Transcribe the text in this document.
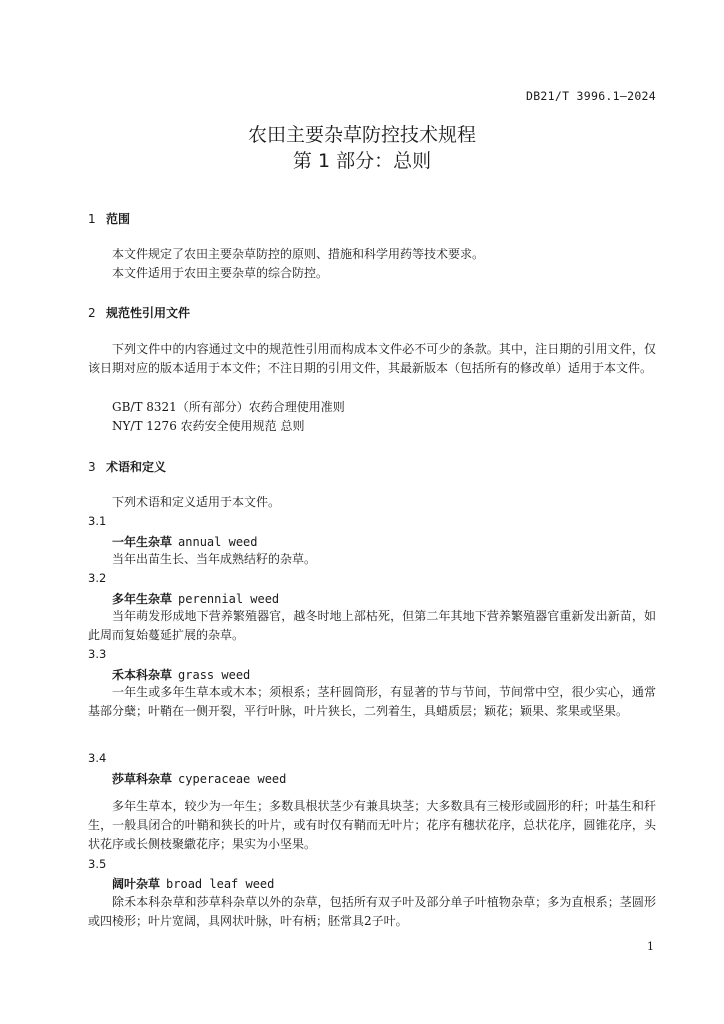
DB21/T 3996.1—2024
农田主要杂草防控技术规程
第 1 部分：总则
1 范围
本文件规定了农田主要杂草防控的原则、措施和科学用药等技术要求。
本文件适用于农田主要杂草的综合防控。
2 规范性引用文件
下列文件中的内容通过文中的规范性引用而构成本文件必不可少的条款。其中，注日期的引用文件，仅该日期对应的版本适用于本文件；不注日期的引用文件，其最新版本（包括所有的修改单）适用于本文件。
GB/T 8321（所有部分）农药合理使用准则
NY/T 1276 农药安全使用规范 总则
3 术语和定义
下列术语和定义适用于本文件。
3.1
一年生杂草 annual weed
当年出苗生长、当年成熟结籽的杂草。
3.2
多年生杂草 perennial weed
当年萌发形成地下营养繁殖器官，越冬时地上部枯死，但第二年其地下营养繁殖器官重新发出新苗，如此周而复始蔓延扩展的杂草。
3.3
禾本科杂草 grass weed
一年生或多年生草本或木本；须根系；茎秆圆筒形，有显著的节与节间，节间常中空，很少实心，通常基部分蘖；叶鞘在一侧开裂，平行叶脉，叶片狭长，二列着生，具蜡质层；颖花；颖果、浆果或坚果。
3.4
莎草科杂草 cyperaceae weed
多年生草本，较少为一年生；多数具根状茎少有兼具块茎；大多数具有三棱形或圆形的秆；叶基生和秆生，一般具闭合的叶鞘和狭长的叶片，或有时仅有鞘而无叶片；花序有穗状花序，总状花序，圆锥花序，头状花序或长侧枝聚繖花序；果实为小坚果。
3.5
阔叶杂草 broad leaf weed
除禾本科杂草和莎草科杂草以外的杂草，包括所有双子叶及部分单子叶植物杂草；多为直根系；茎圆形或四棱形；叶片宽阔，具网状叶脉，叶有柄；胚常具2子叶。
1
